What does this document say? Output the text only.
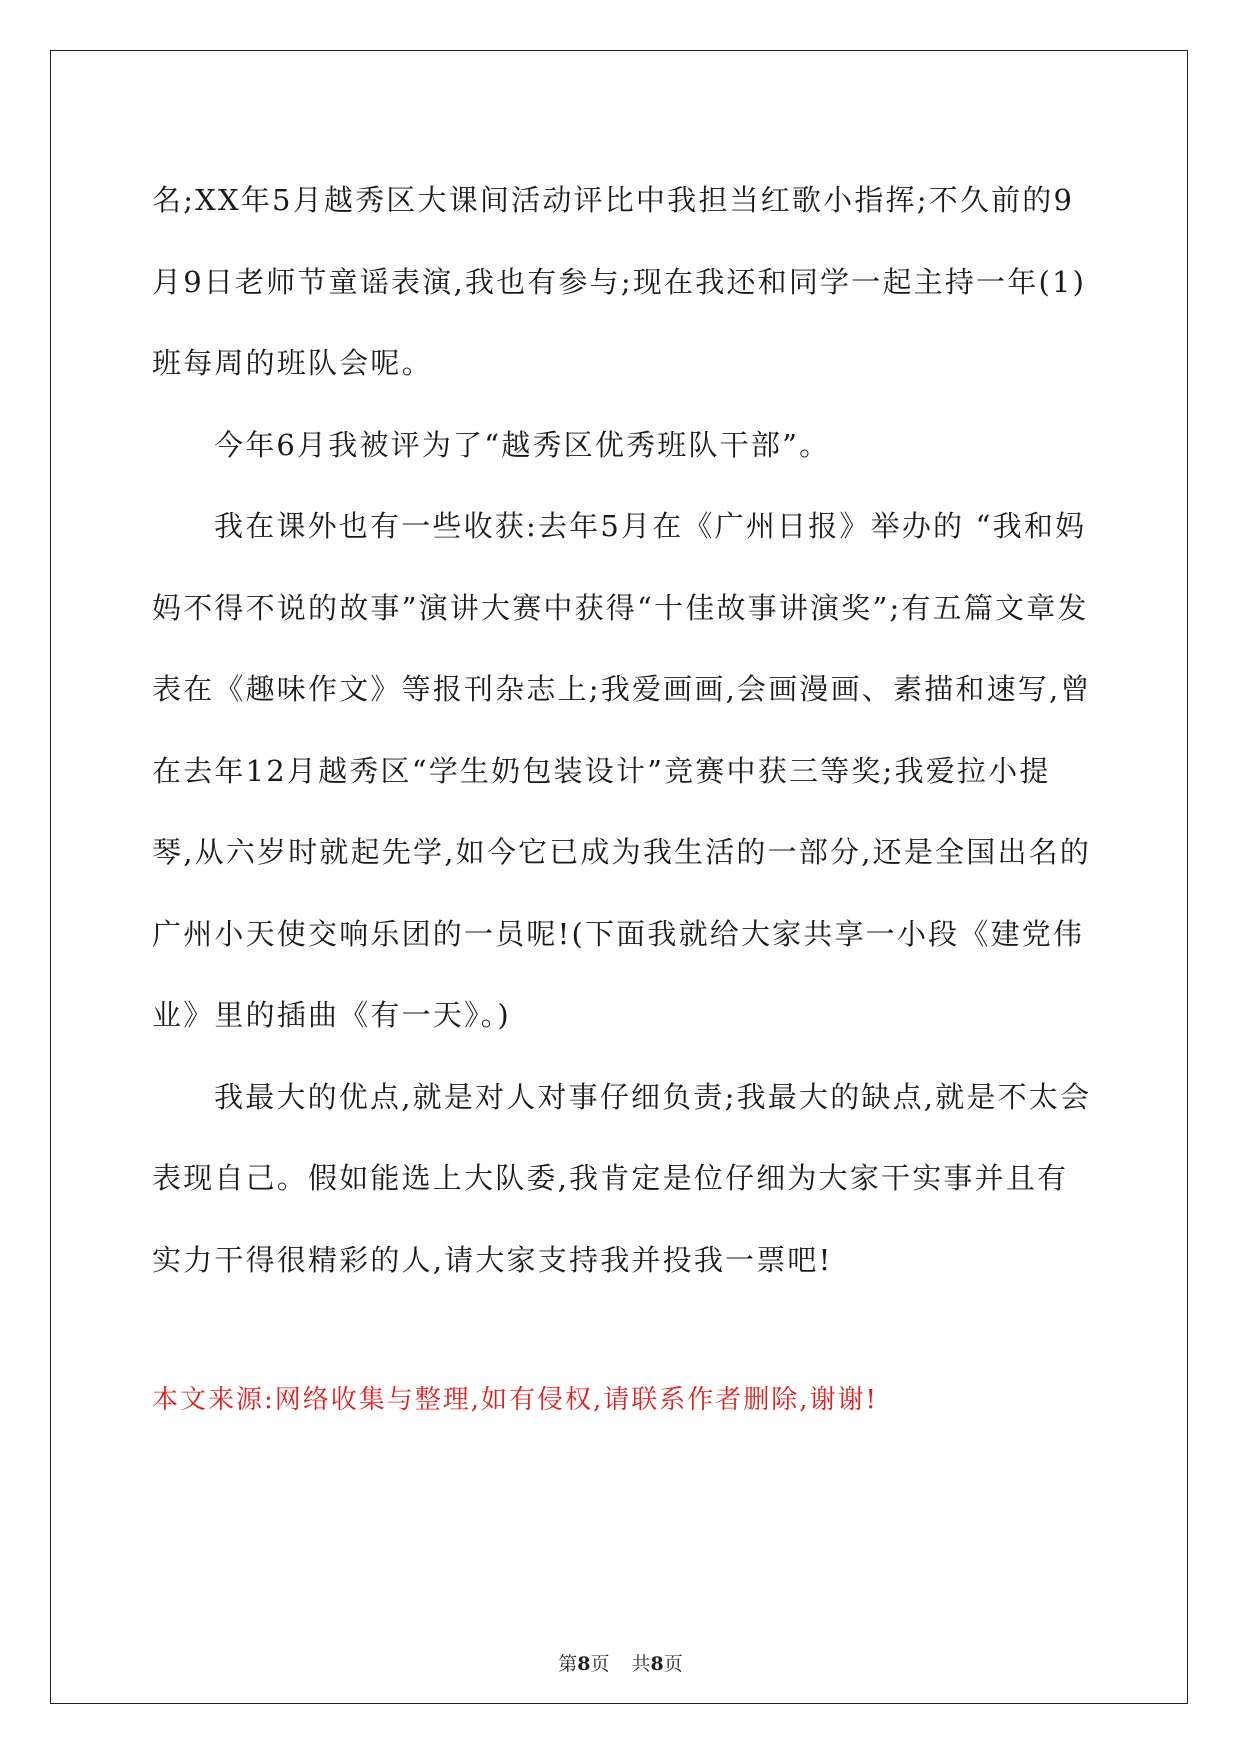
名;XX年5月越秀区大课间活动评比中我担当红歌小指挥;不久前的9月9日老师节童谣表演,我也有参与;现在我还和同学一起主持一年(1)班每周的班队会呢。

今年6月我被评为了“越秀区优秀班队干部”。

我在课外也有一些收获:去年5月在《广州日报》举办的 “我和妈妈不得不说的故事”演讲大赛中获得“十佳故事讲演奖”;有五篇文章发表在《趣味作文》等报刊杂志上;我爱画画,会画漫画、素描和速写,曾在去年12月越秀区“学生奶包装设计”竞赛中获三等奖;我爱拉小提琴,从六岁时就起先学,如今它已成为我生活的一部分,还是全国出名的广州小天使交响乐团的一员呢!(下面我就给大家共享一小段《建党伟业》里的插曲《有一天》。)

我最大的优点,就是对人对事仔细负责;我最大的缺点,就是不太会表现自己。假如能选上大队委,我肯定是位仔细为大家干实事并且有实力干得很精彩的人,请大家支持我并投我一票吧!

本文来源:网络收集与整理,如有侵权,请联系作者删除,谢谢!
第8页 共8页
